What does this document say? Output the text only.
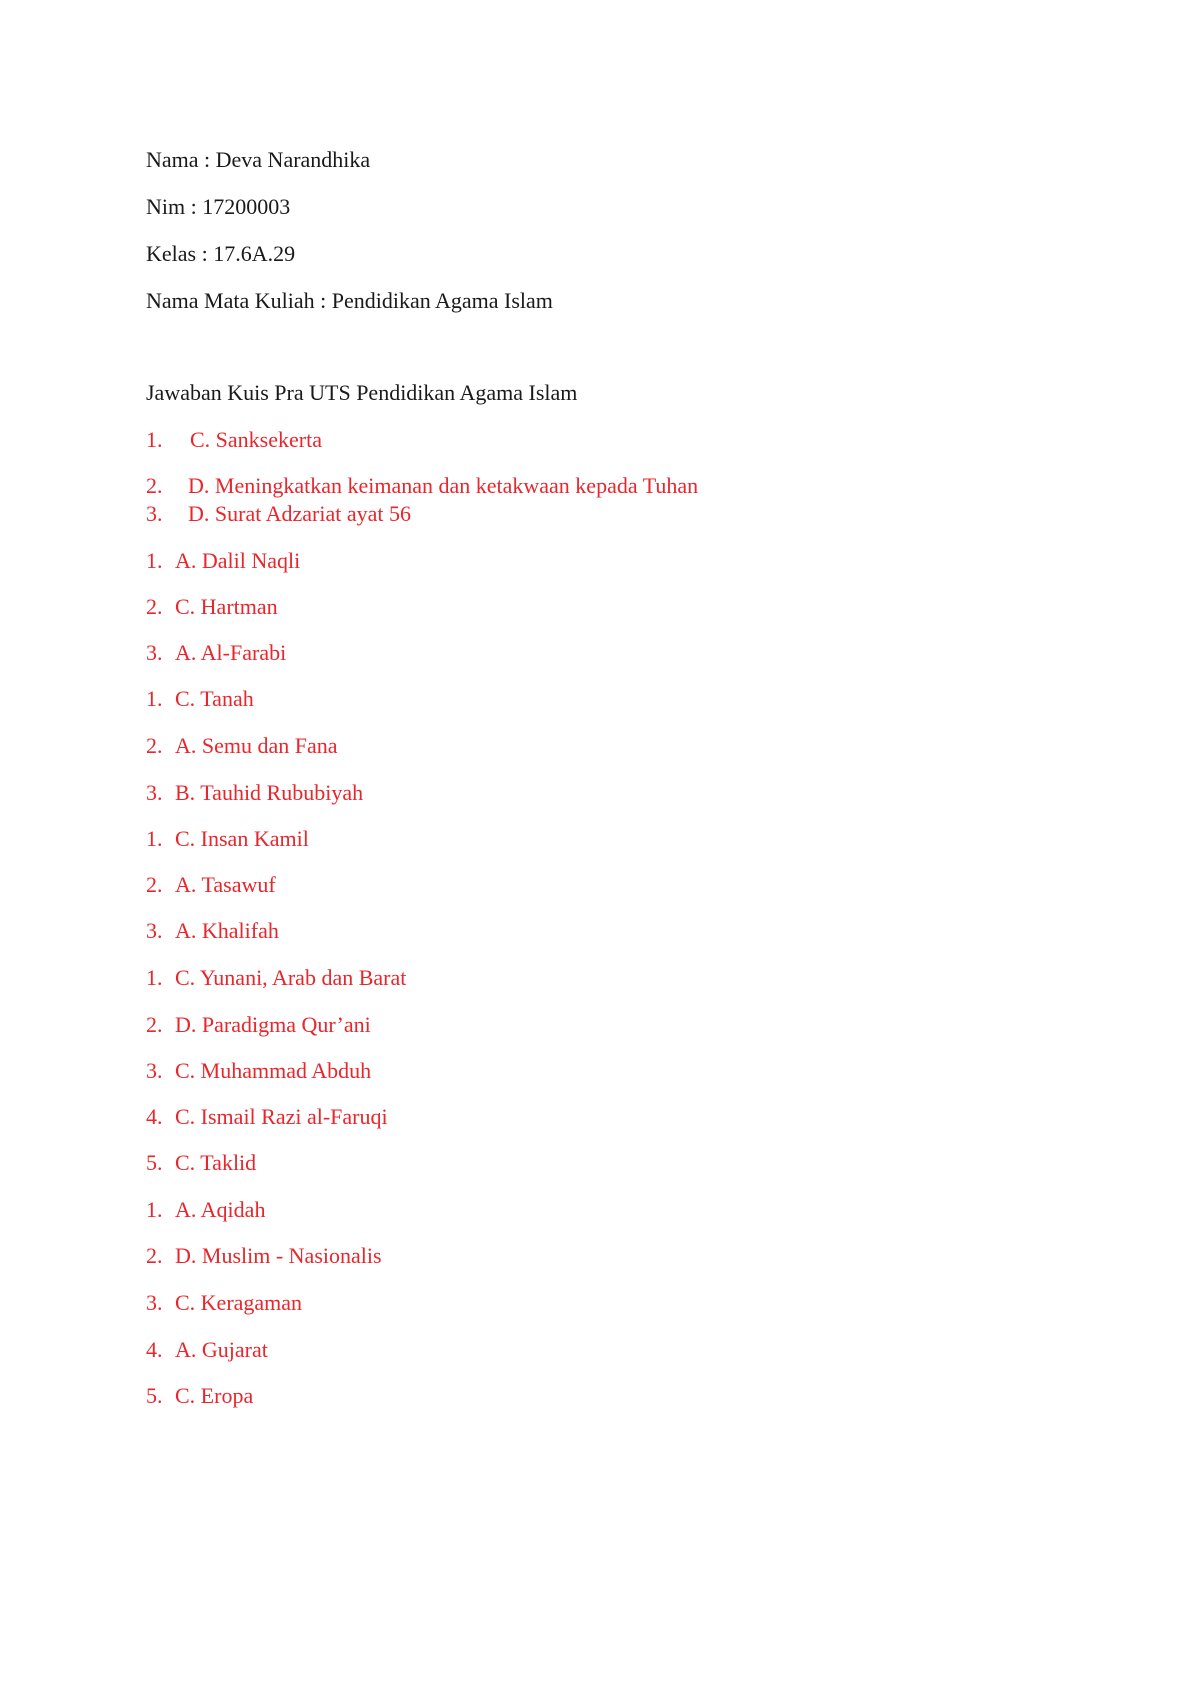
Nama : Deva Narandhika
Nim : 17200003
Kelas : 17.6A.29
Nama Mata Kuliah : Pendidikan Agama Islam
Jawaban Kuis Pra UTS Pendidikan Agama Islam
1. C. Sanksekerta
2. D. Meningkatkan keimanan dan ketakwaan kepada Tuhan
3. D. Surat Adzariat ayat 56
1. A. Dalil Naqli
2. C. Hartman
3. A. Al-Farabi
1. C. Tanah
2. A. Semu dan Fana
3. B. Tauhid Rububiyah
1. C. Insan Kamil
2. A. Tasawuf
3. A. Khalifah
1. C. Yunani, Arab dan Barat
2. D. Paradigma Qur’ani
3. C. Muhammad Abduh
4. C. Ismail Razi al-Faruqi
5. C. Taklid
1. A. Aqidah
2. D. Muslim - Nasionalis
3. C. Keragaman
4. A. Gujarat
5. C. Eropa
